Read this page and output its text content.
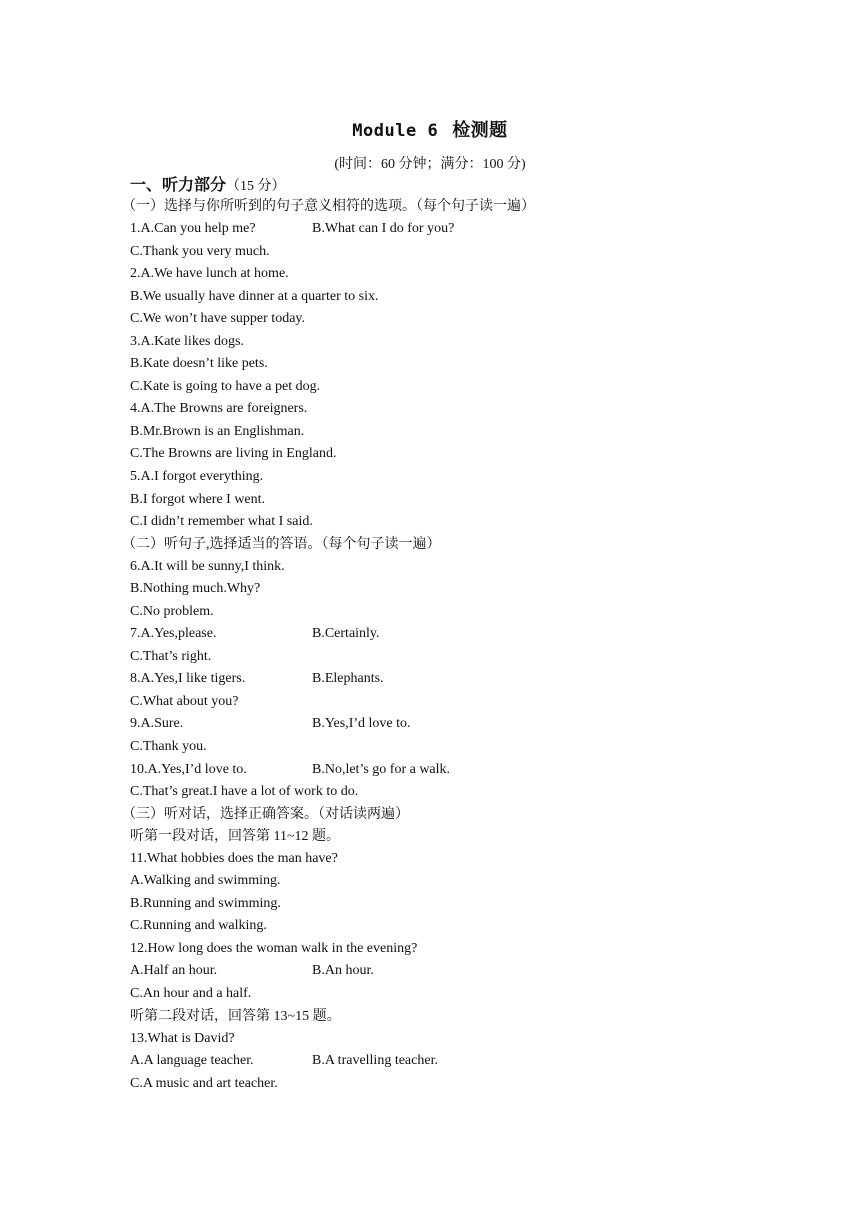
Module 6 检测题
(时间：60 分钟；满分：100 分)
一、听力部分（15 分）
（一）选择与你所听到的句子意义相符的选项。（每个句子读一遍）
1.A.Can you help me?	B.What can I do for you?
C.Thank you very much.
2.A.We have lunch at home.
B.We usually have dinner at a quarter to six.
C.We won’t have supper today.
3.A.Kate likes dogs.
B.Kate doesn’t like pets.
C.Kate is going to have a pet dog.
4.A.The Browns are foreigners.
B.Mr.Brown is an Englishman.
C.The Browns are living in England.
5.A.I forgot everything.
B.I forgot where I went.
C.I didn’t remember what I said.
（二）听句子,选择适当的答语。（每个句子读一遍）
6.A.It will be sunny,I think.
B.Nothing much.Why?
C.No problem.
7.A.Yes,please.	B.Certainly.
C.That’s right.
8.A.Yes,I like tigers.	B.Elephants.
C.What about you?
9.A.Sure.	B.Yes,I’d love to.
C.Thank you.
10.A.Yes,I’d love to.	B.No,let’s go for a walk.
C.That’s great.I have a lot of work to do.
（三）听对话，选择正确答案。（对话读两遍）
听第一段对话，回答第 11~12 题。
11.What hobbies does the man have?
A.Walking and swimming.
B.Running and swimming.
C.Running and walking.
12.How long does the woman walk in the evening?
A.Half an hour.	B.An hour.
C.An hour and a half.
听第二段对话，回答第 13~15 题。
13.What is David?
A.A language teacher.	B.A travelling teacher.
C.A music and art teacher.
